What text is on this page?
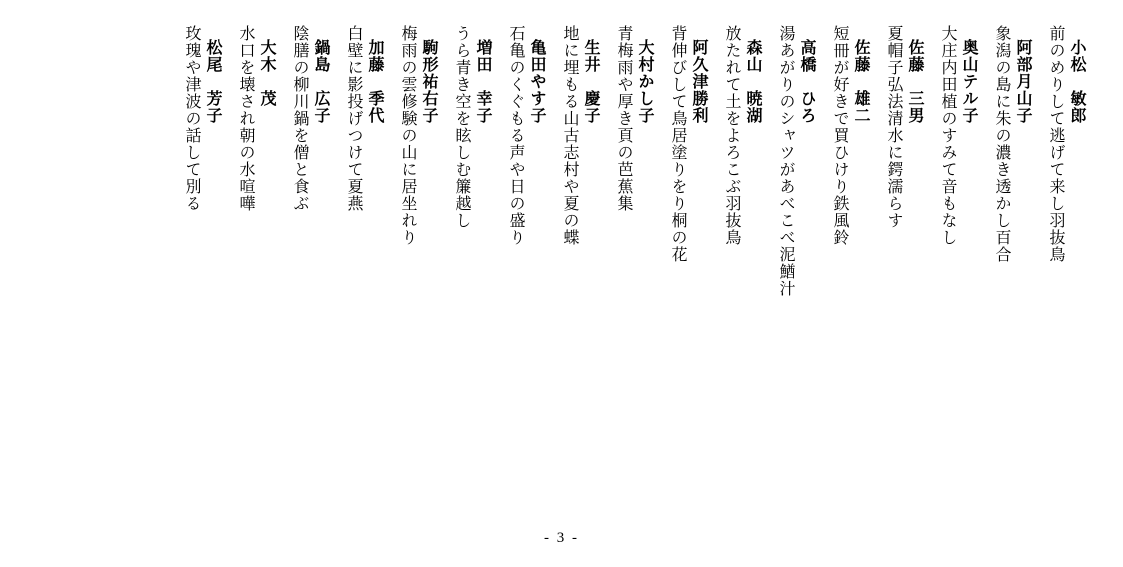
小松　敏郎
前のめりして逃げて来し羽抜鳥
阿部月山子
象潟の島に朱の濃き透かし百合
奥山テル子
大庄内田植のすみて音もなし
佐藤　三男
夏帽子弘法清水に鍔濡らす
佐藤　雄二
短冊が好きで買ひけり鉄風鈴
高橋　ひろ
湯あがりのシャツがあべこべ泥鰌汁
森山　暁湖
放たれて土をよろこぶ羽抜鳥
阿久津勝利
背伸びして鳥居塗りをり桐の花
大村かし子
青梅雨や厚き頁の芭蕉集
生井　慶子
地に埋もる山古志村や夏の蝶
亀田やす子
石亀のくぐもる声や日の盛り
増田　幸子
うら青き空を眩しむ簾越し
駒形祐右子
梅雨の雲修験の山に居坐れり
加藤　季代
白壁に影投げつけて夏燕
鍋島　広子
陰膳の柳川鍋を僧と食ぶ
大木　茂
水口を壊され朝の水喧嘩
松尾　芳子
玫瑰や津波の話して別る
- 3 -
